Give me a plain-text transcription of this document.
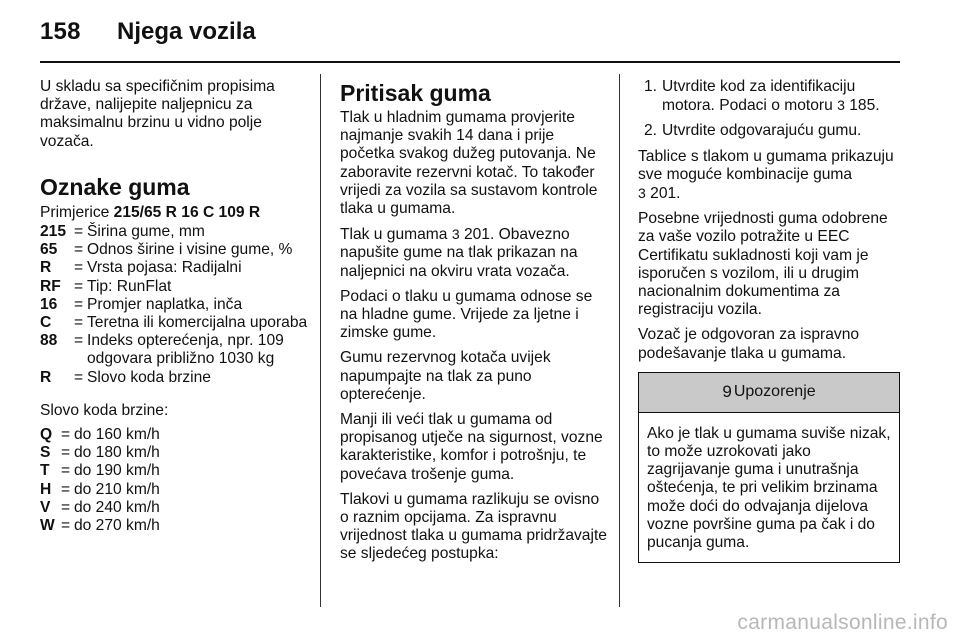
158 Njega vozila

U skladu sa specifičnim propisima države, nalijepite naljepnicu za maksimalnu brzinu u vidno polje vozača.

Oznake guma
Primjerice 215/65 R 16 C 109 R
215 = Širina gume, mm
65	= Odnos širine i visine gume, %
R	= Vrsta pojasa: Radijalni
RF = Tip: RunFlat
16	= Promjer naplatka, inča
C	= Teretna ili komercijalna uporaba
88	= Indeks opterećenja, npr. 109 odgovara približno 1030 kg
R	= Slovo koda brzine

Slovo koda brzine:

Q = do 160 km/h
S = do 180 km/h
T = do 190 km/h
H = do 210 km/h
V = do 240 km/h
W = do 270 km/h
Pritisak guma

Tlak u hladnim gumama provjerite najmanje svakih 14 dana i prije početka svakog dužeg putovanja. Ne zaboravite rezervni kotač. To također vrijedi za vozila sa sustavom kontrole tlaka u gumama.

Tlak u gumama 3 201. Obavezno napušite gume na tlak prikazan na naljepnici na okviru vrata vozača.

Podaci o tlaku u gumama odnose se na hladne gume. Vrijede za ljetne i zimske gume.

Gumu rezervnog kotača uvijek napumpajte na tlak za puno opterećenje.

Manji ili veći tlak u gumama od propisanog utječe na sigurnost, vozne karakteristike, komfor i potrošnju, te povećava trošenje guma.

Tlakovi u gumama razlikuju se ovisno o raznim opcijama. Za ispravnu vrijednost tlaka u gumama pridržavajte se sljedećeg postupka:

1. Utvrdite kod za identifikaciju motora. Podaci o motoru 3 185.
2. Utvrdite odgovarajuću gumu.

Tablice s tlakom u gumama prikazuju sve moguće kombinacije guma
3 201.

Posebne vrijednosti guma odobrene za vaše vozilo potražite u EEC Certifikatu sukladnosti koji vam je isporučen s vozilom, ili u drugim nacionalnim dokumentima za registraciju vozila.

Vozač je odgovoran za ispravno podešavanje tlaka u gumama.

9 Upozorenje
Ako je tlak u gumama suviše nizak, to može uzrokovati jako zagrijavanje guma i unutrašnja oštećenja, te pri velikim brzinama može doći do odvajanja dijelova vozne površine guma pa čak i do pucanja guma.
carmanualsonline.info
